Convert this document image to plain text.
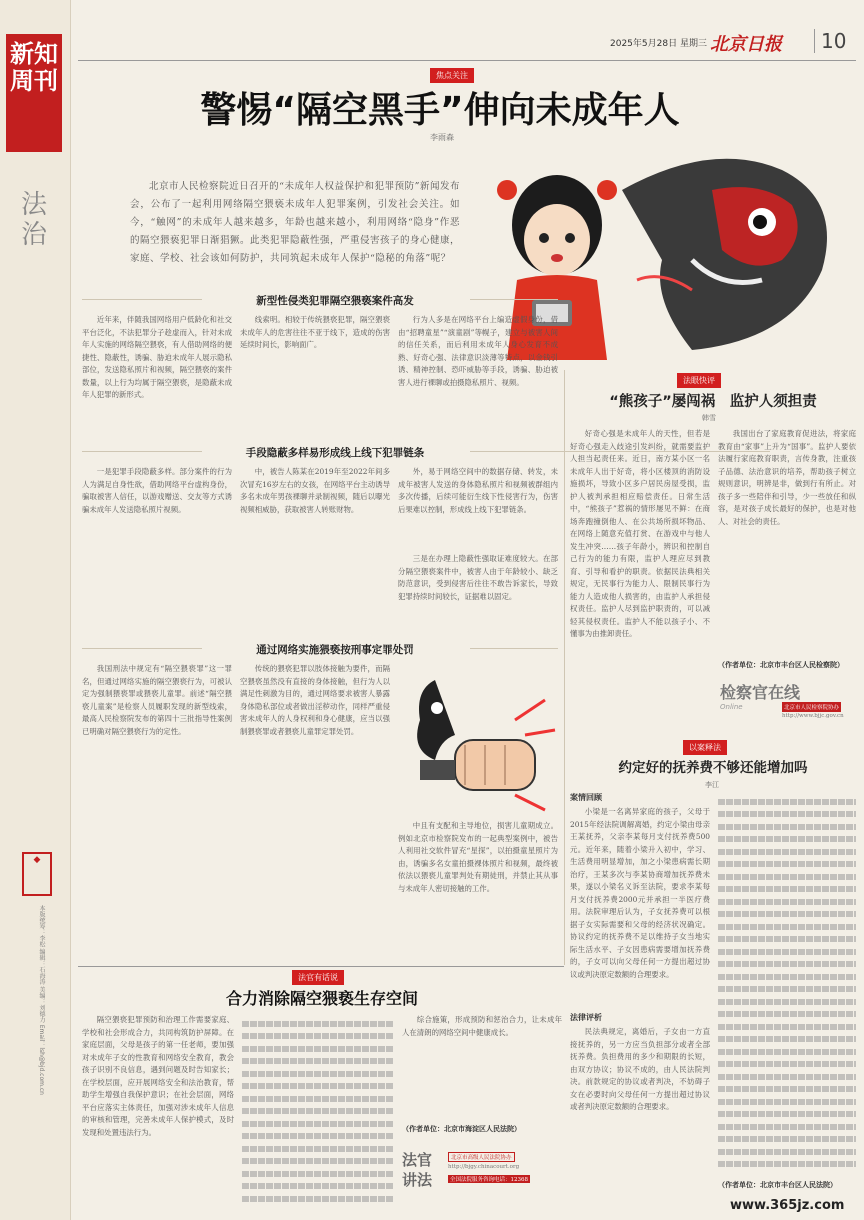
新知周刊
法治
◆
本版统筹：李松 编辑：石海涛 美编：刘德力 Email：lsh@bjd.com.cn
2025年5月28日 星期三 北京日报	10
焦点关注
警惕“隔空黑手”伸向未成年人
李雨森
北京市人民检察院近日召开的“未成年人权益保护和犯罪预防”新闻发布会，公布了一起利用网络隔空猥亵未成年人犯罪案例，引发社会关注。如今，“触网”的未成年人越来越多，年龄也越来越小，利用网络“隐身”作恶的隔空猥亵犯罪日渐猖獗。此类犯罪隐蔽性强，严重侵害孩子的身心健康，家庭、学校、社会该如何防护，共同筑起未成年人保护“隐秘的角落”呢？
新型性侵类犯罪隔空猥亵案件高发
近年来，伴随我国网络用户低龄化和社交平台泛化，不法犯罪分子趁虚而入，针对未成年人实施的网络隔空猥亵，有人借助网络的便捷性、隐蔽性，诱骗、胁迫未成年人展示隐私部位，发送隐私照片和视频，隔空猥亵的案件数量，以上行为均属于隔空猥亵，是隐蔽未成年人犯罪的新形式。
线索明。相较于传统猥亵犯罪，隔空猥亵未成年人的危害往往不亚于线下，造成的伤害延续时间长，影响面广。
行为人多是在网络平台上编造虚假身份，借由“招聘童星”“演童剧”等幌子，建立与被害人间的信任关系，而后利用未成年人身心发育不成熟、好奇心强、法律意识淡薄等特点，以金钱引诱、精神控制、恐吓威胁等手段，诱骗、胁迫被害人进行裸聊或拍摄隐私照片、视频。
手段隐蔽多样易形成线上线下犯罪链条
一是犯罪手段隐蔽多样。部分案件的行为人为满足自身性欲，借助网络平台虚构身份，骗取被害人信任，以游戏赠送、交友等方式诱骗未成年人发送隐私照片视频。
中，被告人陈某在2019年至2022年间多次冒充16岁左右的女孩，在网络平台主动诱导多名未成年男孩裸聊并录制视频，随后以曝光视频相威胁，获取被害人转账财物。
外，易于网络空间中的数据存储、转发，未成年被害人发送的身体隐私照片和视频被群组内多次传播，后续可能衍生线下性侵害行为，伤害后果难以控制，形成线上线下犯罪链条。
三是在办理上隐蔽性强取证难度较大。在部分隔空猥亵案件中，被害人由于年龄较小、缺乏防范意识，受到侵害后往往不敢告诉家长，导致犯罪持续时间较长，证据难以固定。
通过网络实施猥亵按刑事定罪处罚
我国刑法中规定有“隔空猥亵罪”这一罪名，但通过网络实施的隔空猥亵行为，可被认定为强制猥亵罪或猥亵儿童罪。前述“隔空猥亵儿童案”是检察人员履职发现的新型线索，最高人民检察院发布的第四十三批指导性案例已明确对隔空猥亵行为的定性。
传统的猥亵犯罪以肢体接触为要件，而隔空猥亵虽然没有直接的身体接触，但行为人以满足性刺激为目的，通过网络要求被害人暴露身体隐私部位或者做出淫秽动作，同样严重侵害未成年人的人身权利和身心健康，应当以强制猥亵罪或者猥亵儿童罪定罪处罚。
中且有支配和主导地位，损害儿童期成立。例如北京市检察院发布的一起典型案例中，被告人利用社交软件冒充“星探”，以拍摄童星照片为由，诱骗多名女童拍摄裸体照片和视频，最终被依法以猥亵儿童罪判处有期徒刑，并禁止其从事与未成年人密切接触的工作。
法眼快评
“熊孩子”屡闯祸　监护人须担责
韩雪
好奇心强是未成年人的天性，但若是好奇心强走入歧途引发纠纷，就需要监护人担当起责任来。近日，南方某小区一名未成年人出于好奇，将小区楼顶的消防设施损坏，导致小区多户居民房屋受损，监护人被判承担相应赔偿责任。日常生活中，“熊孩子”惹祸的情形屡见不鲜：在商场奔跑撞倒他人、在公共场所损坏物品、在网络上随意充值打赏、在游戏中与他人发生冲突……孩子年龄小，辨识和控制自己行为的能力有限，监护人理应尽到教育、引导和看护的职责。依据民法典相关规定，无民事行为能力人、限制民事行为能力人造成他人损害的，由监护人承担侵权责任。监护人尽到监护职责的，可以减轻其侵权责任。监护人不能以孩子小、不懂事为由推卸责任。
我国出台了家庭教育促进法，将家庭教育由“家事”上升为“国事”。监护人要依法履行家庭教育职责，言传身教，注重孩子品德、法治意识的培养，帮助孩子树立规则意识，明辨是非，做到行有所止。对孩子多一些陪伴和引导，少一些放任和纵容，是对孩子成长最好的保护，也是对他人、对社会的责任。
（作者单位：北京市丰台区人民检察院）
检察官在线
Online	北京市人民检察院协办
http://www.bjjc.gov.cn
以案释法
约定好的抚养费不够还能增加吗
李江
案情回顾
小梁是一名离异家庭的孩子，父母于2015年经法院调解离婚，约定小梁由母亲王某抚养，父亲李某每月支付抚养费500元。近年来，随着小梁升入初中，学习、生活费用明显增加，加之小梁患病需长期治疗，王某多次与李某协商增加抚养费未果，遂以小梁名义诉至法院，要求李某每月支付抚养费2000元并承担一半医疗费用。法院审理后认为，子女抚养费可以根据子女实际需要和父母的经济状况确定。协议约定的抚养费不足以维持子女当地实际生活水平、子女因患病需要增加抚养费的，子女可以向父母任何一方提出超过协议或判决原定数额的合理要求。
法律评析
民法典规定，离婚后，子女由一方直接抚养的，另一方应当负担部分或者全部抚养费。负担费用的多少和期限的长短，由双方协议；协议不成的，由人民法院判决。前款规定的协议或者判决，不妨碍子女在必要时向父母任何一方提出超过协议或者判决原定数额的合理要求。
（作者单位：北京市丰台区人民法院）
法官有话说
合力消除隔空猥亵生存空间
隔空猥亵犯罪预防和治理工作需要家庭、学校和社会形成合力，共同构筑防护屏障。在家庭层面，父母是孩子的第一任老师，要加强对未成年子女的性教育和网络安全教育，教会孩子识别不良信息，遇到问题及时告知家长；在学校层面，应开展网络安全和法治教育，帮助学生增强自我保护意识；在社会层面，网络平台应落实主体责任，加强对涉未成年人信息的审核和管理，完善未成年人保护模式，及时发现和处置违法行为。
综合施策，形成预防和惩治合力，让未成年人在清朗的网络空间中健康成长。
（作者单位：北京市海淀区人民法院）
法官讲法
北京市高级人民法院协办
http://bjgy.chinacourt.org
全国法院服务咨询电话：12368
www.365jz.com
